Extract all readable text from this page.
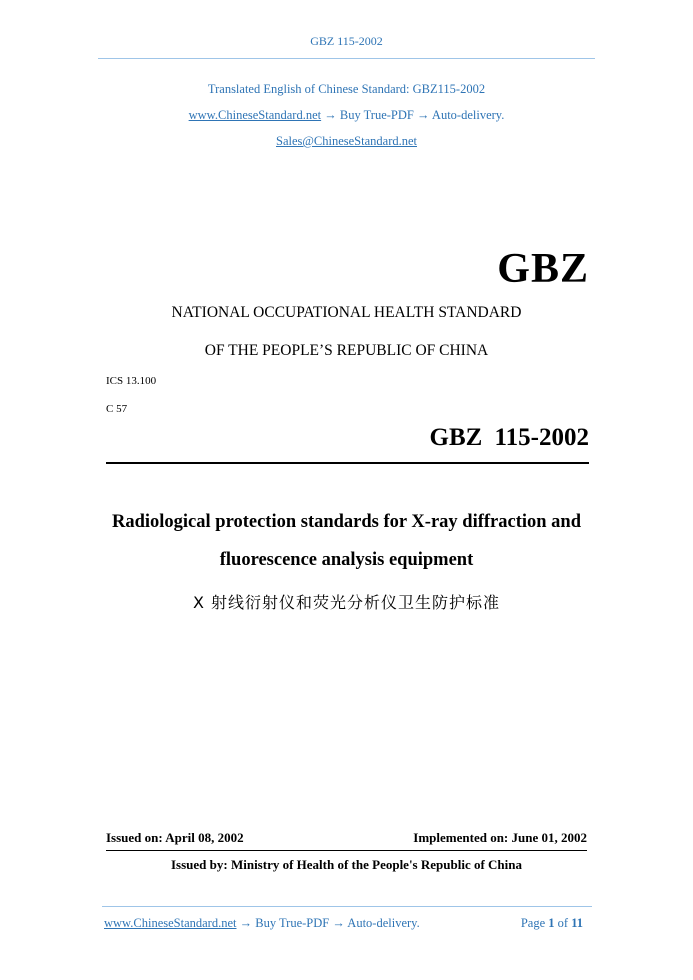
GBZ 115-2002
Translated English of Chinese Standard: GBZ115-2002
www.ChineseStandard.net → Buy True-PDF → Auto-delivery.
Sales@ChineseStandard.net
GBZ
NATIONAL OCCUPATIONAL HEALTH STANDARD
OF THE PEOPLE’S REPUBLIC OF CHINA
ICS 13.100
C 57
GBZ 115-2002
Radiological protection standards for X-ray diffraction and
fluorescence analysis equipment
X 射线衍射仪和荧光分析仪卫生防护标准
Issued on: April 08, 2002	Implemented on: June 01, 2002
Issued by: Ministry of Health of the People's Republic of China
www.ChineseStandard.net → Buy True-PDF → Auto-delivery.	Page 1 of 11
